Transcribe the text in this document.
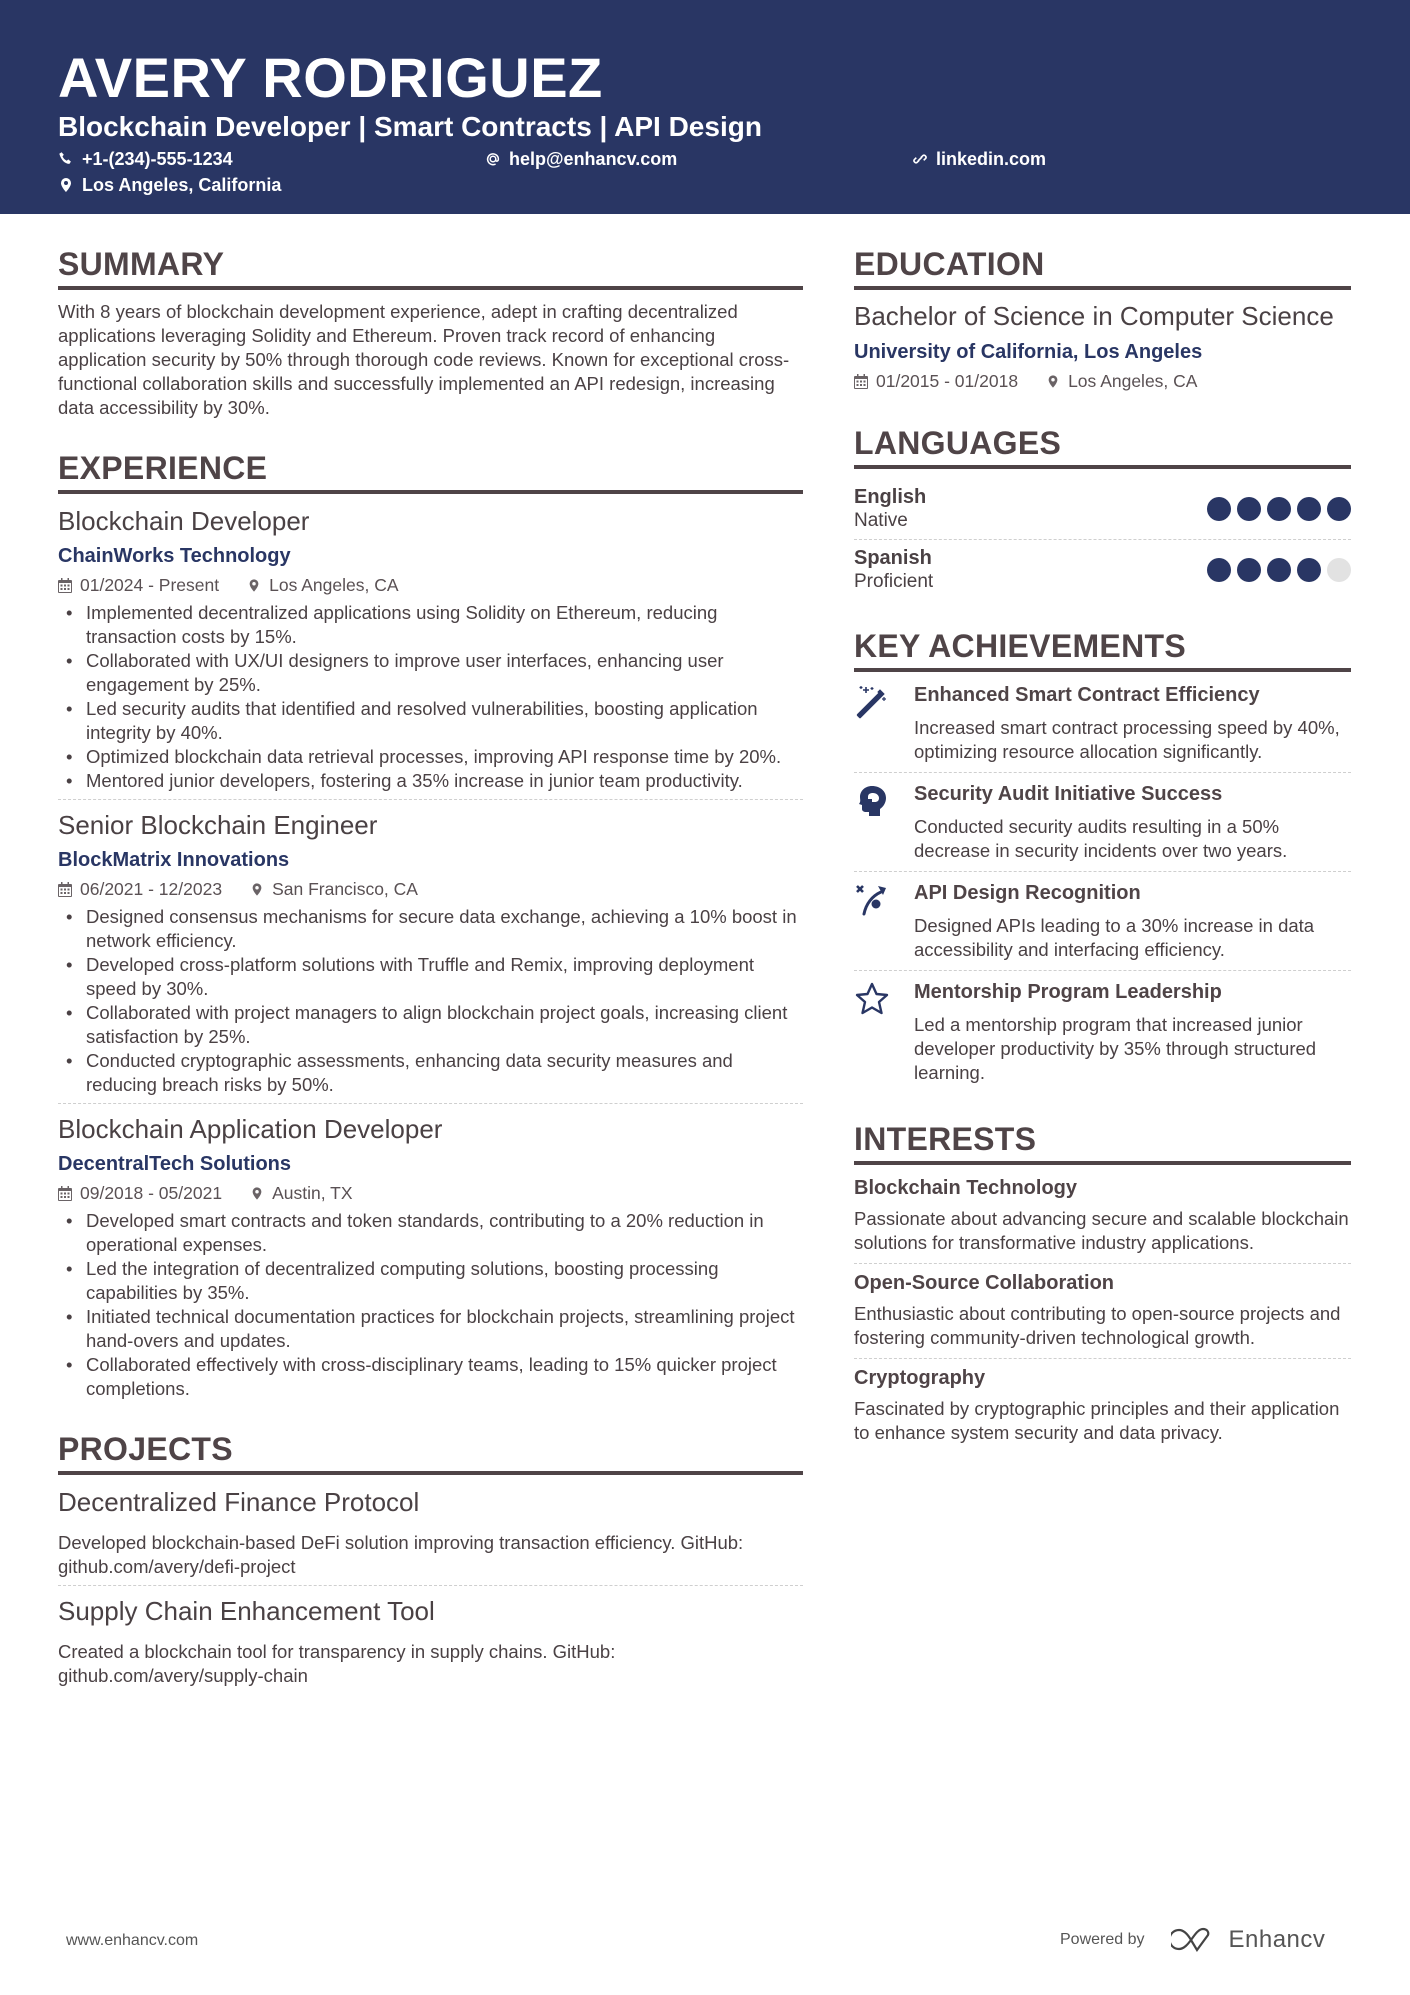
AVERY RODRIGUEZ
Blockchain Developer | Smart Contracts | API Design
+1-(234)-555-1234	help@enhancv.com	linkedin.com
Los Angeles, California
SUMMARY
With 8 years of blockchain development experience, adept in crafting decentralized applications leveraging Solidity and Ethereum. Proven track record of enhancing application security by 50% through thorough code reviews. Known for exceptional cross-functional collaboration skills and successfully implemented an API redesign, increasing data accessibility by 30%.
EXPERIENCE
Blockchain Developer
ChainWorks Technology
01/2024 - Present	Los Angeles, CA
• Implemented decentralized applications using Solidity on Ethereum, reducing transaction costs by 15%.
• Collaborated with UX/UI designers to improve user interfaces, enhancing user engagement by 25%.
• Led security audits that identified and resolved vulnerabilities, boosting application integrity by 40%.
• Optimized blockchain data retrieval processes, improving API response time by 20%.
• Mentored junior developers, fostering a 35% increase in junior team productivity.
Senior Blockchain Engineer
BlockMatrix Innovations
06/2021 - 12/2023	San Francisco, CA
• Designed consensus mechanisms for secure data exchange, achieving a 10% boost in network efficiency.
• Developed cross-platform solutions with Truffle and Remix, improving deployment speed by 30%.
• Collaborated with project managers to align blockchain project goals, increasing client satisfaction by 25%.
• Conducted cryptographic assessments, enhancing data security measures and reducing breach risks by 50%.
Blockchain Application Developer
DecentralTech Solutions
09/2018 - 05/2021	Austin, TX
• Developed smart contracts and token standards, contributing to a 20% reduction in operational expenses.
• Led the integration of decentralized computing solutions, boosting processing capabilities by 35%.
• Initiated technical documentation practices for blockchain projects, streamlining project hand-overs and updates.
• Collaborated effectively with cross-disciplinary teams, leading to 15% quicker project completions.
PROJECTS
Decentralized Finance Protocol
Developed blockchain-based DeFi solution improving transaction efficiency. GitHub: github.com/avery/defi-project
Supply Chain Enhancement Tool
Created a blockchain tool for transparency in supply chains. GitHub: github.com/avery/supply-chain
EDUCATION
Bachelor of Science in Computer Science
University of California, Los Angeles
01/2015 - 01/2018	Los Angeles, CA
LANGUAGES
English
Native
Spanish
Proficient
KEY ACHIEVEMENTS
Enhanced Smart Contract Efficiency
Increased smart contract processing speed by 40%, optimizing resource allocation significantly.
Security Audit Initiative Success
Conducted security audits resulting in a 50% decrease in security incidents over two years.
API Design Recognition
Designed APIs leading to a 30% increase in data accessibility and interfacing efficiency.
Mentorship Program Leadership
Led a mentorship program that increased junior developer productivity by 35% through structured learning.
INTERESTS
Blockchain Technology
Passionate about advancing secure and scalable blockchain solutions for transformative industry applications.
Open-Source Collaboration
Enthusiastic about contributing to open-source projects and fostering community-driven technological growth.
Cryptography
Fascinated by cryptographic principles and their application to enhance system security and data privacy.
www.enhancv.com	Powered by	Enhancv
